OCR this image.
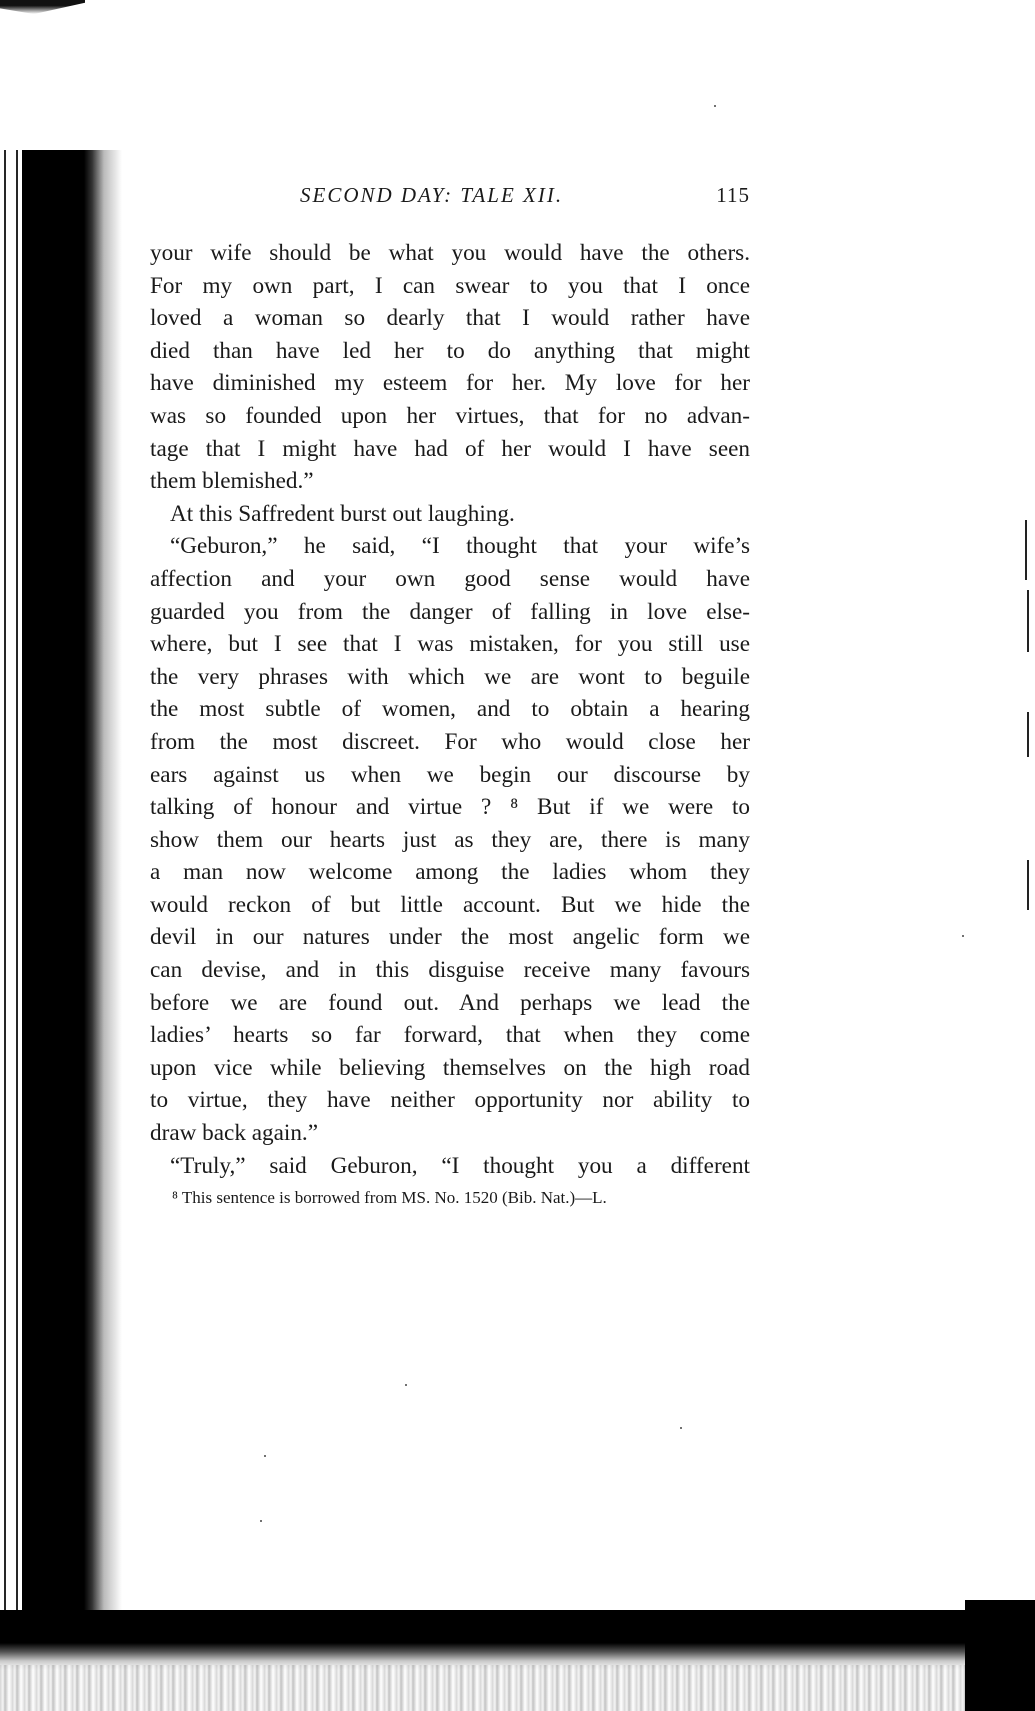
SECOND DAY: TALE XII.	115
your wife should be what you would have the others.
For my own part, I can swear to you that I once
loved a woman so dearly that I would rather have
died than have led her to do anything that might
have diminished my esteem for her. My love for her
was so founded upon her virtues, that for no advan-
tage that I might have had of her would I have seen
them blemished.”
At this Saffredent burst out laughing.
“Geburon,” he said, “I thought that your wife’s
affection and your own good sense would have
guarded you from the danger of falling in love else-
where, but I see that I was mistaken, for you still use
the very phrases with which we are wont to beguile
the most subtle of women, and to obtain a hearing
from the most discreet. For who would close her
ears against us when we begin our discourse by
talking of honour and virtue ? ⁸ But if we were to
show them our hearts just as they are, there is many
a man now welcome among the ladies whom they
would reckon of but little account. But we hide the
devil in our natures under the most angelic form we
can devise, and in this disguise receive many favours
before we are found out. And perhaps we lead the
ladies’ hearts so far forward, that when they come
upon vice while believing themselves on the high road
to virtue, they have neither opportunity nor ability to
draw back again.”
“Truly,” said Geburon, “I thought you a different
⁸ This sentence is borrowed from MS. No. 1520 (Bib. Nat.)—L.
